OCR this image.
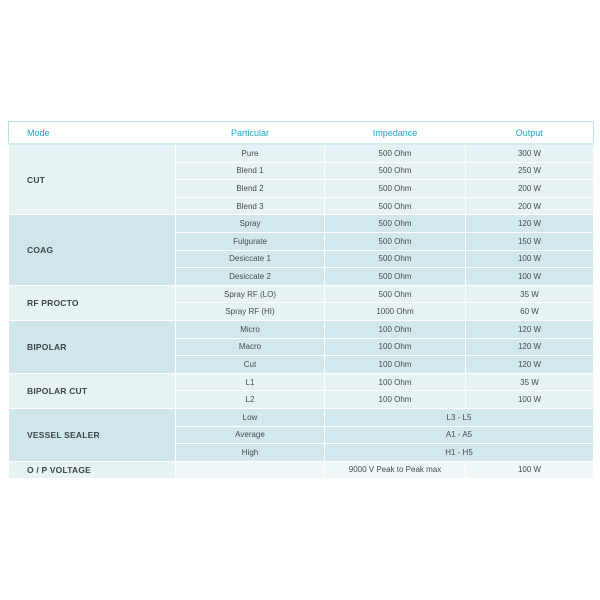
Mode	Particular	Impedance	Output
CUT	Pure	500 Ohm	300 W
	Blend 1	500 Ohm	250 W
	Blend 2	500 Ohm	200 W
	Blend 3	500 Ohm	200 W
COAG	Spray	500 Ohm	120 W
	Fulgurate	500 Ohm	150 W
	Desiccate 1	500 Ohm	100 W
	Desiccate 2	500 Ohm	100 W
RF PROCTO	Spray RF (LO)	500 Ohm	35 W
	Spray RF (HI)	1000 Ohm	60 W
BIPOLAR	Micro	100 Ohm	120 W
	Macro	100 Ohm	120 W
	Cut	100 Ohm	120 W
BIPOLAR CUT	L1	100 Ohm	35 W
	L2	100 Ohm	100 W
VESSEL SEALER	Low	L3 - L5	
	Average	A1 - A5	
	High	H1 - H5	
O / P VOLTAGE		9000 V Peak to Peak max	100 W
